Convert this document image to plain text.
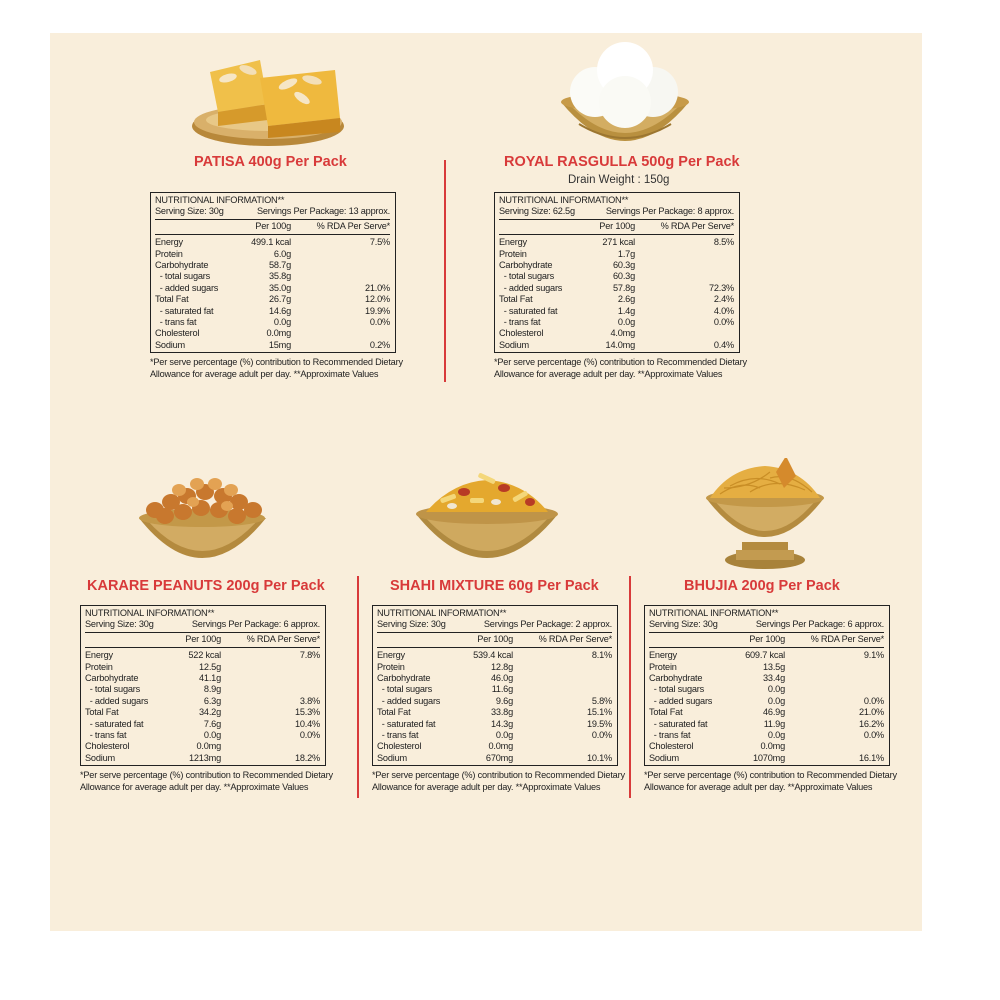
PATISA 400g Per Pack	ROYAL RASGULLA 500g Per Pack
Drain Weight : 150g
KARARE PEANUTS 200g Per Pack	SHAHI MIXTURE 60g Per Pack	BHUJIA 200g Per Pack
NUTRITIONAL INFORMATION**
Serving Size: 30g	Servings Per Package: 13 approx.
Per 100g	% RDA Per Serve*
Energy	499.1 kcal	7.5%
Protein	6.0g
Carbohydrate	58.7g
- total sugars	35.8g
- added sugars	35.0g	21.0%
Total Fat	26.7g	12.0%
- saturated fat	14.6g	19.9%
- trans fat	0.0g	0.0%
Cholesterol	0.0mg
Sodium	15mg	0.2%
NUTRITIONAL INFORMATION**
Serving Size: 62.5g	Servings Per Package: 8 approx.
Per 100g	% RDA Per Serve*
Energy	271 kcal	8.5%
Protein	1.7g
Carbohydrate	60.3g
- total sugars	60.3g
- added sugars	57.8g	72.3%
Total Fat	2.6g	2.4%
- saturated fat	1.4g	4.0%
- trans fat	0.0g	0.0%
Cholesterol	4.0mg
Sodium	14.0mg	0.4%
NUTRITIONAL INFORMATION**
Serving Size: 30g	Servings Per Package: 6 approx.
Per 100g	% RDA Per Serve*
Energy	522 kcal	7.8%
Protein	12.5g
Carbohydrate	41.1g
- total sugars	8.9g
- added sugars	6.3g	3.8%
Total Fat	34.2g	15.3%
- saturated fat	7.6g	10.4%
- trans fat	0.0g	0.0%
Cholesterol	0.0mg
Sodium	1213mg	18.2%
NUTRITIONAL INFORMATION**
Serving Size: 30g	Servings Per Package: 2 approx.
Per 100g	% RDA Per Serve*
Energy	539.4 kcal	8.1%
Protein	12.8g
Carbohydrate	46.0g
- total sugars	11.6g
- added sugars	9.6g	5.8%
Total Fat	33.8g	15.1%
- saturated fat	14.3g	19.5%
- trans fat	0.0g	0.0%
Cholesterol	0.0mg
Sodium	670mg	10.1%
NUTRITIONAL INFORMATION**
Serving Size: 30g	Servings Per Package: 6 approx.
Per 100g	% RDA Per Serve*
Energy	609.7 kcal	9.1%
Protein	13.5g
Carbohydrate	33.4g
- total sugars	0.0g
- added sugars	0.0g	0.0%
Total Fat	46.9g	21.0%
- saturated fat	11.9g	16.2%
- trans fat	0.0g	0.0%
Cholesterol	0.0mg
Sodium	1070mg	16.1%
*Per serve percentage (%) contribution to Recommended Dietary
Allowance for average adult per day. **Approximate Values
*Per serve percentage (%) contribution to Recommended Dietary
Allowance for average adult per day. **Approximate Values
*Per serve percentage (%) contribution to Recommended Dietary
Allowance for average adult per day. **Approximate Values
*Per serve percentage (%) contribution to Recommended Dietary
Allowance for average adult per day. **Approximate Values
*Per serve percentage (%) contribution to Recommended Dietary
Allowance for average adult per day. **Approximate Values
